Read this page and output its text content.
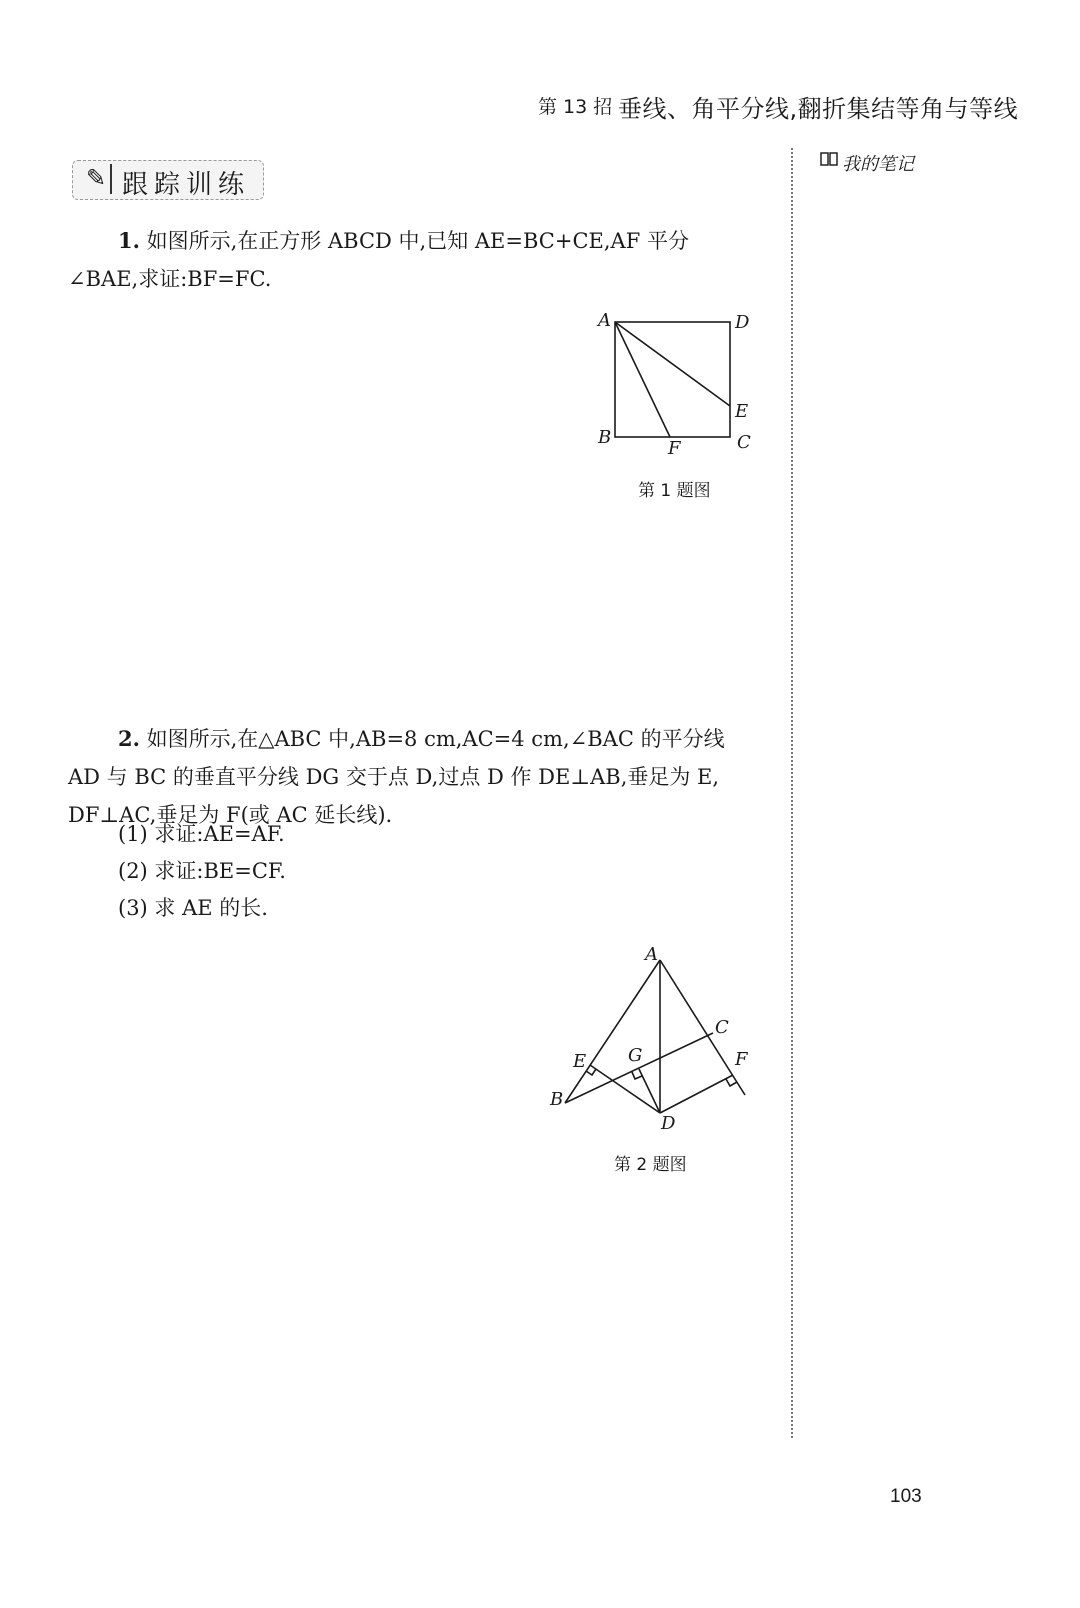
第 13 招 垂线、角平分线,翻折集结等角与等线
✎ 跟踪训练
我的笔记
1. 如图所示,在正方形 ABCD 中,已知 AE=BC+CE,AF 平分
∠BAE,求证:BF=FC.
A	D
E
B
F	C
第 1 题图
2. 如图所示,在△ABC 中,AB=8 cm,AC=4 cm,∠BAC 的平分线
AD 与 BC 的垂直平分线 DG 交于点 D,过点 D 作 DE⊥AB,垂足为 E,
DF⊥AC,垂足为 F(或 AC 延长线).
(1) 求证:AE=AF.
(2) 求证:BE=CF.
(3) 求 AE 的长.
A
C
E G	F
B
D
第 2 题图
103
